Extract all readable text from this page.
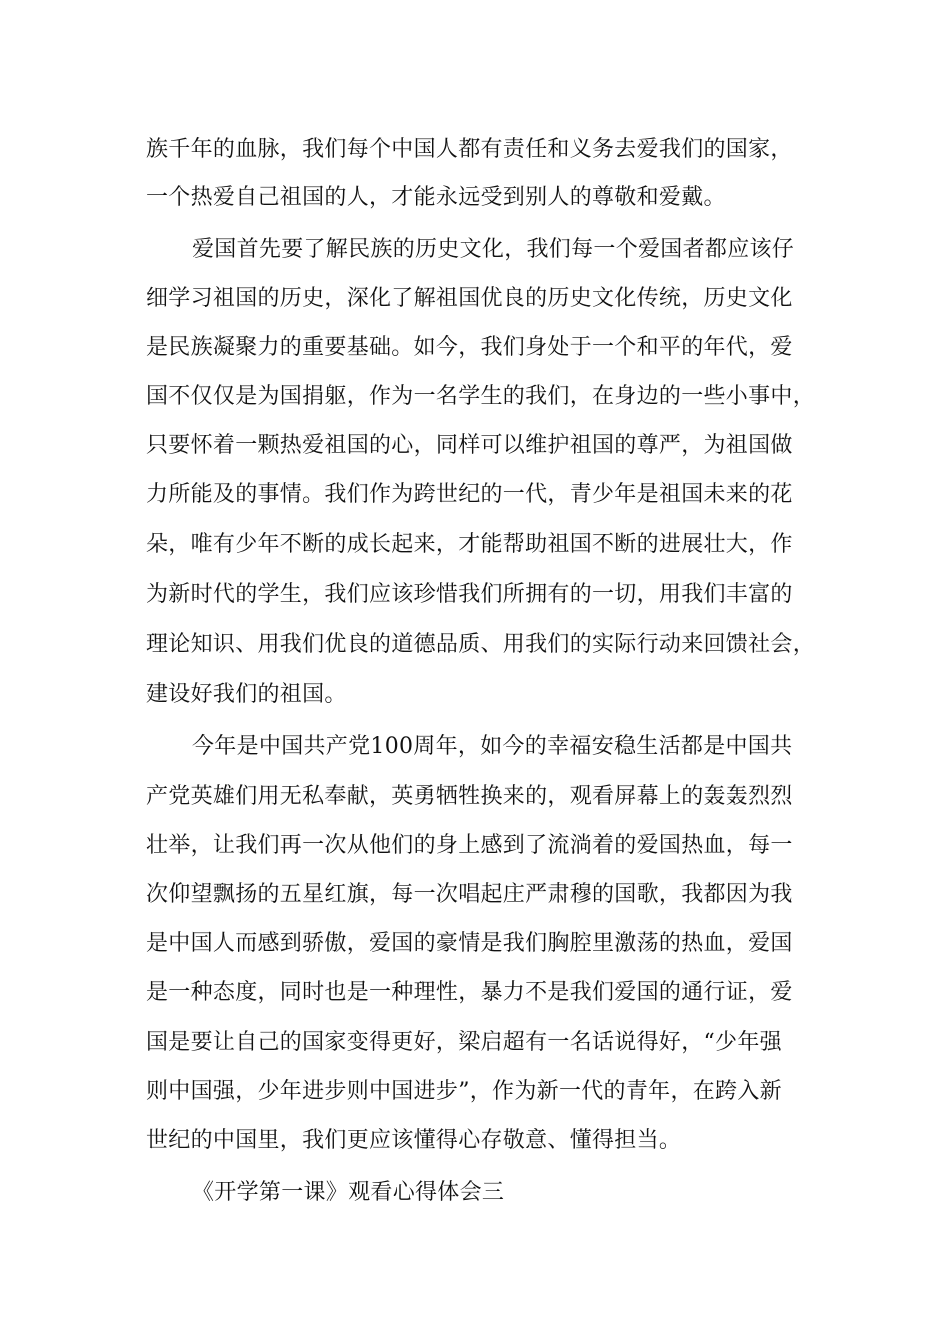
族千年的血脉，我们每个中国人都有责任和义务去爱我们的国家，
一个热爱自己祖国的人，才能永远受到别人的尊敬和爱戴。
爱国首先要了解民族的历史文化，我们每一个爱国者都应该仔
细学习祖国的历史，深化了解祖国优良的历史文化传统，历史文化
是民族凝聚力的重要基础。如今，我们身处于一个和平的年代，爱
国不仅仅是为国捐躯，作为一名学生的我们，在身边的一些小事中，
只要怀着一颗热爱祖国的心，同样可以维护祖国的尊严，为祖国做
力所能及的事情。我们作为跨世纪的一代，青少年是祖国未来的花
朵，唯有少年不断的成长起来，才能帮助祖国不断的进展壮大，作
为新时代的学生，我们应该珍惜我们所拥有的一切，用我们丰富的
理论知识、用我们优良的道德品质、用我们的实际行动来回馈社会，
建设好我们的祖国。
今年是中国共产党100周年，如今的幸福安稳生活都是中国共
产党英雄们用无私奉献，英勇牺牲换来的，观看屏幕上的轰轰烈烈
壮举，让我们再一次从他们的身上感到了流淌着的爱国热血，每一
次仰望飘扬的五星红旗，每一次唱起庄严肃穆的国歌，我都因为我
是中国人而感到骄傲，爱国的豪情是我们胸腔里激荡的热血，爱国
是一种态度，同时也是一种理性，暴力不是我们爱国的通行证，爱
国是要让自己的国家变得更好，梁启超有一名话说得好，“少年强
则中国强，少年进步则中国进步”，作为新一代的青年，在跨入新
世纪的中国里，我们更应该懂得心存敬意、懂得担当。
《开学第一课》观看心得体会三
